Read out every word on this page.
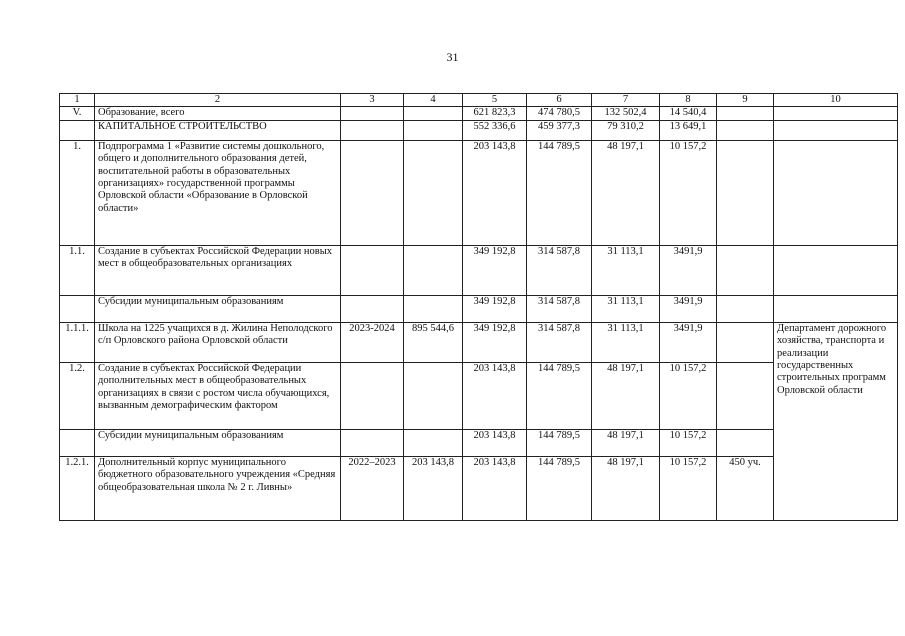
31
1	2	3	4	5	6	7	8	9	10
V.	Образование, всего			621 823,3	474 780,5	132 502,4	14 540,4		
	КАПИТАЛЬНОЕ СТРОИТЕЛЬСТВО			552 336,6	459 377,3	79 310,2	13 649,1		
1.	Подпрограмма 1 «Развитие системы дошкольного, общего и дополнительного образования детей, воспитательной работы в образовательных организациях» государственной программы Орловской области «Образование в Орловской области»			203 143,8	144 789,5	48 197,1	10 157,2		
1.1.	Создание в субъектах Российской Федерации новых мест в общеобразовательных организациях			349 192,8	314 587,8	31 113,1	3491,9		
	Субсидии муниципальным образованиям			349 192,8	314 587,8	31 113,1	3491,9		
1.1.1.	Школа на 1225 учащихся в д. Жилина Неполодского с/п Орловского района Орловской области	2023-2024	895 544,6	349 192,8	314 587,8	31 113,1	3491,9		Департамент дорожного хозяйства, транспорта и реализации государственных строительных программ Орловской области
1.2.	Создание в субъектах Российской Федерации дополнительных мест в общеобразовательных организациях в связи с ростом числа обучающихся, вызванным демографическим фактором			203 143,8	144 789,5	48 197,1	10 157,2		
	Субсидии муниципальным образованиям			203 143,8	144 789,5	48 197,1	10 157,2		
1.2.1.	Дополнительный корпус муниципального бюджетного образовательного учреждения «Средняя общеобразовательная школа № 2 г. Ливны»	2022–2023	203 143,8	203 143,8	144 789,5	48 197,1	10 157,2	450 уч.	
